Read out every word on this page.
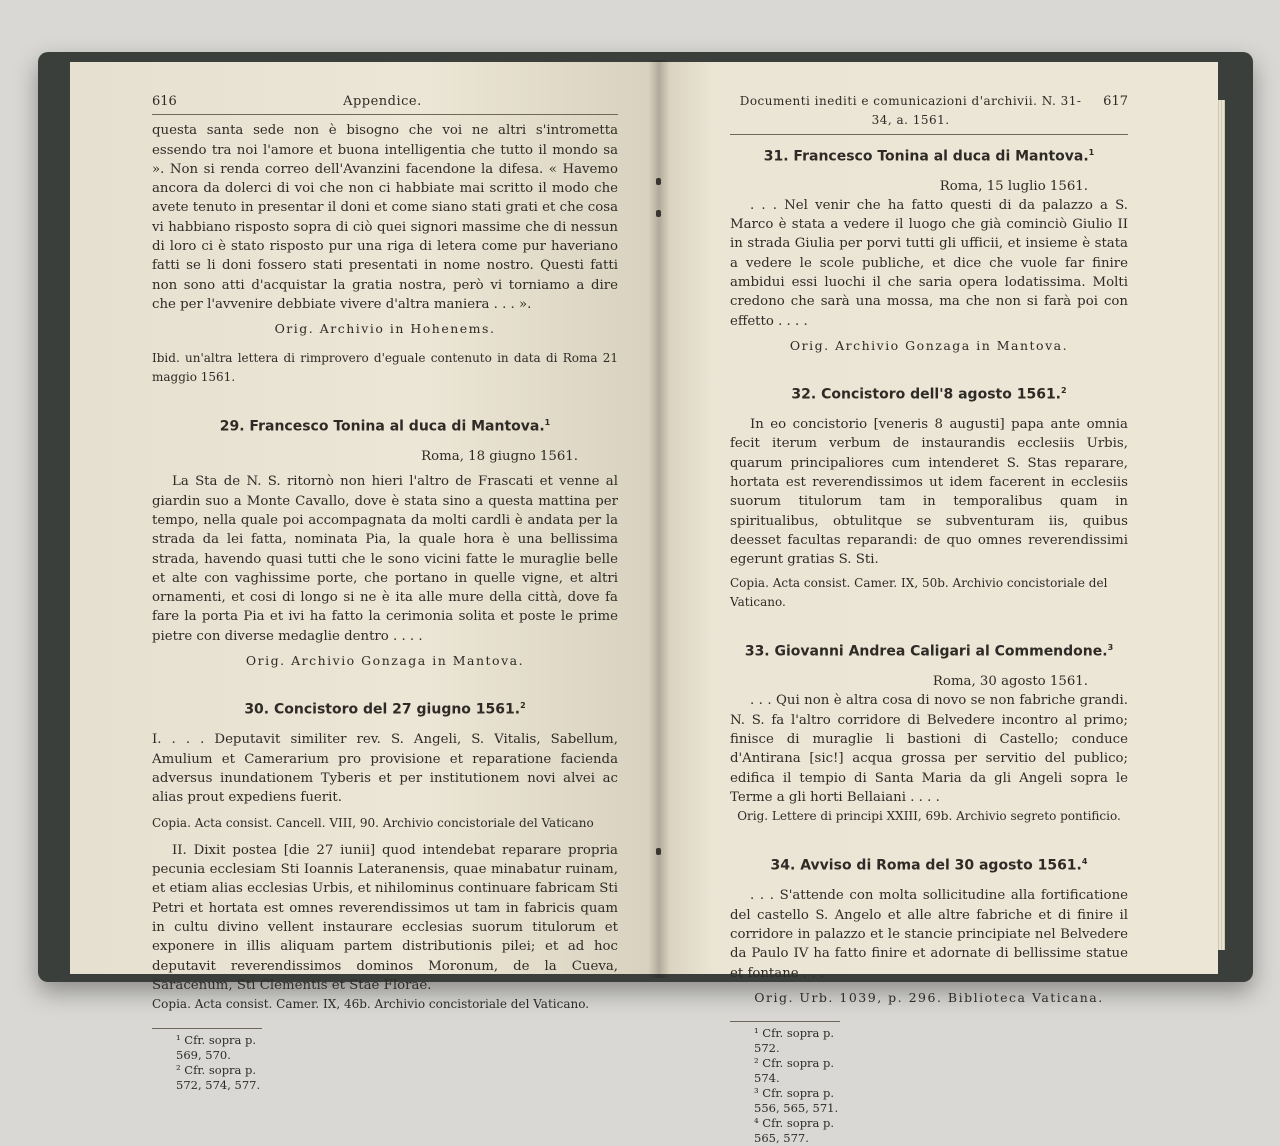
616	Appendice.

questa santa sede non è bisogno che voi ne altri s'intrometta essendo tra noi l'amore et buona intelligentia che tutto il mondo sa ». Non si renda correo dell'Avanzini facendone la difesa. « Havemo ancora da dolerci di voi che non ci habbiate mai scritto il modo che avete tenuto in presentar il doni et come siano stati grati et che cosa vi habbiano risposto sopra di ciò quei signori massime che di nessun di loro ci è stato risposto pur una riga di letera come pur haveriano fatti se li doni fossero stati presentati in nome nostro. Questi fatti non sono atti d'acquistar la gratia nostra, però vi torniamo a dire che per l'avvenire debbiate vivere d'altra maniera . . . ».

Orig. Archivio in Hohenems.

Ibid. un'altra lettera di rimprovero d'eguale contenuto in data di Roma 21 maggio 1561.

29. Francesco Tonina al duca di Mantova.$^1$
Roma, 18 giugno 1561.

La Sta de N. S. ritornò non hieri l'altro de Frascati et venne al giardin suo a Monte Cavallo, dove è stata sino a questa mattina per tempo, nella quale poi accompagnata da molti cardli è andata per la strada da lei fatta, nominata Pia, la quale hora è una bellissima strada, havendo quasi tutti che le sono vicini fatte le muraglie belle et alte con vaghissime porte, che portano in quelle vigne, et altri ornamenti, et cosi di longo si ne è ita alle mure della città, dove fa fare la porta Pia et ivi ha fatto la cerimonia solita et poste le prime pietre con diverse medaglie dentro . . . .

Orig. Archivio Gonzaga in Mantova.
30. Concistoro del 27 giugno 1561.$^2$

I. . . . Deputavit similiter rev. S. Angeli, S. Vitalis, Sabellum, Amulium et Camerarium pro provisione et reparatione facienda adversus inundationem Tyberis et per institutionem novi alvei ac alias prout expediens fuerit.

Copia. Acta consist. Cancell. VIII, 90. Archivio concistoriale del Vaticano

II. Dixit postea [die 27 iunii] quod intendebat reparare propria pecunia ecclesiam Sti Ioannis Lateranensis, quae minabatur ruinam, et etiam alias ecclesias Urbis, et nihilominus continuare fabricam Sti Petri et hortata est omnes reverendissimos ut tam in fabricis quam in cultu divino vellent instaurare ecclesias suorum titulorum et exponere in illis aliquam partem distributionis pilei; et ad hoc deputavit reverendissimos dominos Moronum, de la Cueva, Saracenum, Sti Clementis et Stae Florae.

Copia. Acta consist. Camer. IX, 46b. Archivio concistoriale del Vaticano.
¹ Cfr. sopra p. 569, 570.
² Cfr. sopra p. 572, 574, 577.
Documenti inediti e comunicazioni d'archivii. N. 31-34, a. 1561.
617
31. Francesco Tonina al duca di Mantova.$^1$
Roma, 15 luglio 1561.

. . . Nel venir che ha fatto questi di da palazzo a S. Marco è stata a vedere il luogo che già cominciò Giulio II in strada Giulia per porvi tutti gli ufficii, et insieme è stata a vedere le scole publiche, et dice che vuole far finire ambidui essi luochi il che saria opera lodatissima. Molti credono che sarà una mossa, ma che non si farà poi con effetto . . . .

Orig. Archivio Gonzaga in Mantova.
32. Concistoro dell'8 agosto 1561.$^2$

In eo concistorio [veneris 8 augusti] papa ante omnia fecit iterum verbum de instaurandis ecclesiis Urbis, quarum principaliores cum intenderet S. Stas reparare, hortata est reverendissimos ut idem facerent in ecclesiis suorum titulorum tam in temporalibus quam in spiritualibus, obtulitque se subventuram iis, quibus deesset facultas reparandi: de quo omnes reverendissimi egerunt gratias S. Sti.

Copia. Acta consist. Camer. IX, 50b. Archivio concistoriale del Vaticano.
33. Giovanni Andrea Caligari al Commendone.$^3$
Roma, 30 agosto 1561.

. . . Qui non è altra cosa di novo se non fabriche grandi. N. S. fa l'altro corridore di Belvedere incontro al primo; finisce di muraglie li bastioni di Castello; conduce d'Antirana [sic!] acqua grossa per servitio del publico; edifica il tempio di Santa Maria da gli Angeli sopra le Terme a gli horti Bellaiani . . . .

Orig. Lettere di principi XXIII, 69b. Archivio segreto pontificio.
34. Avviso di Roma del 30 agosto 1561.$^4$

. . . S'attende con molta sollicitudine alla fortificatione del castello S. Angelo et alle altre fabriche et di finire il corridore in palazzo et le stancie principiate nel Belvedere da Paulo IV ha fatto finire et adornate di bellissime statue et fontane . . .

Orig. Urb. 1039, p. 296. Biblioteca Vaticana.
¹ Cfr. sopra p. 572.
² Cfr. sopra p. 574.
³ Cfr. sopra p. 556, 565, 571.
⁴ Cfr. sopra p. 565, 577.
